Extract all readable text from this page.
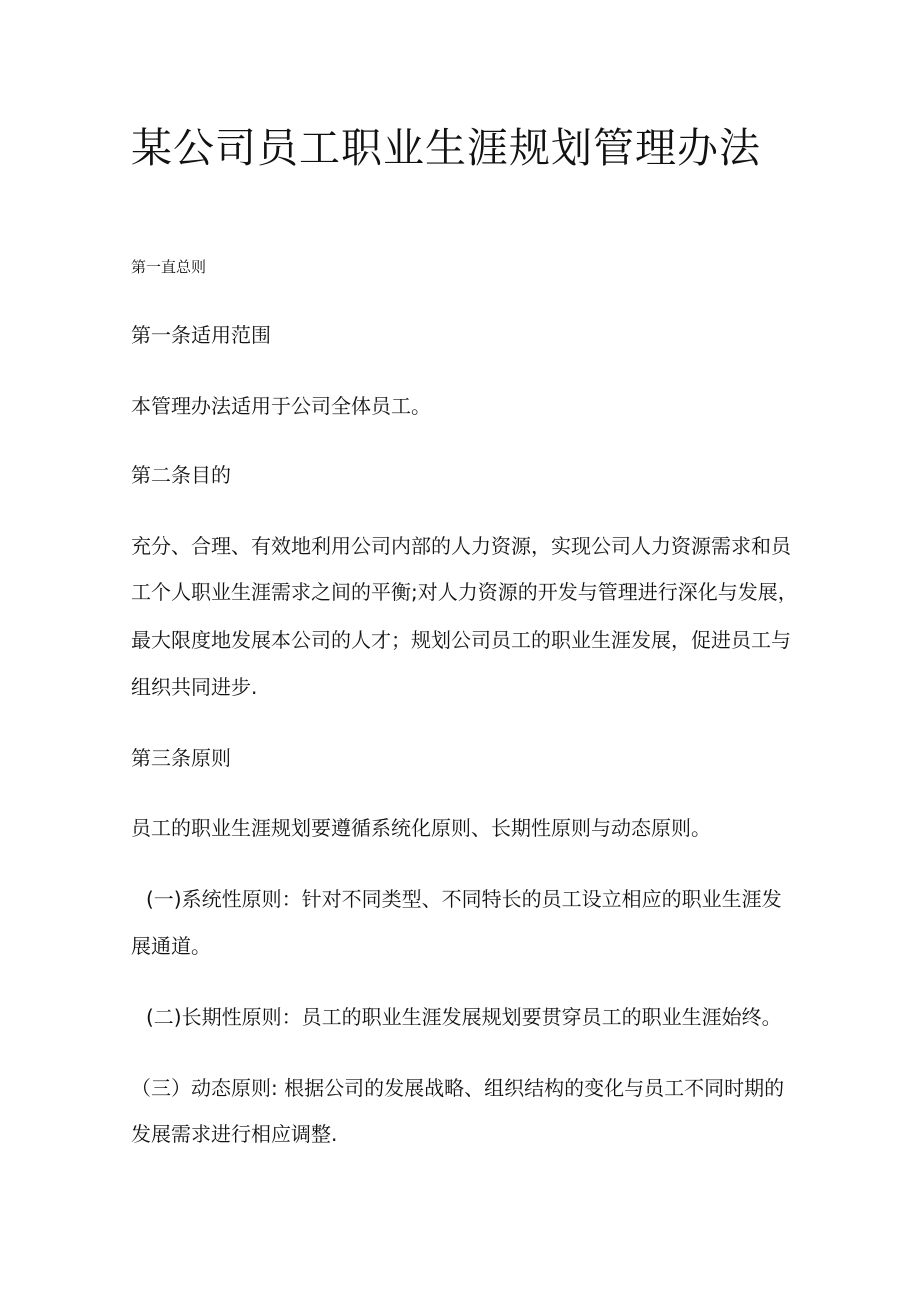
某公司员工职业生涯规划管理办法

第一直总则

第一条适用范围

本管理办法适用于公司全体员工。

第二条目的

充分、合理、有效地利用公司内部的人力资源，实现公司人力资源需求和员

工个人职业生涯需求之间的平衡;对人力资源的开发与管理进行深化与发展，

最大限度地发展本公司的人才；规划公司员工的职业生涯发展，促进员工与

组织共同进步.

第三条原则

员工的职业生涯规划要遵循系统化原则、长期性原则与动态原则。

(一)系统性原则：针对不同类型、不同特长的员工设立相应的职业生涯发

展通道。

(二)长期性原则：员工的职业生涯发展规划要贯穿员工的职业生涯始终。

（三）动态原则: 根据公司的发展战略、组织结构的变化与员工不同时期的

发展需求进行相应调整.
